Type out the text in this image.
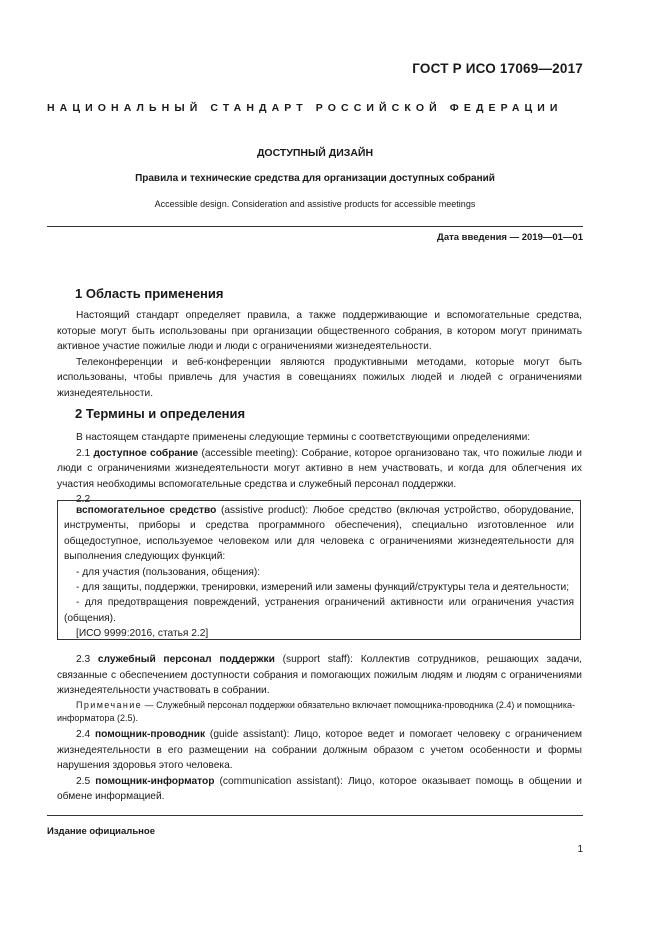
ГОСТ Р ИСО 17069—2017
НАЦИОНАЛЬНЫЙ СТАНДАРТ РОССИЙСКОЙ ФЕДЕРАЦИИ
ДОСТУПНЫЙ ДИЗАЙН
Правила и технические средства для организации доступных собраний
Accessible design. Consideration and assistive products for accessible meetings
Дата введения — 2019—01—01
1 Область применения

Настоящий стандарт определяет правила, а также поддерживающие и вспомогательные средства, которые могут быть использованы при организации общественного собрания, в котором могут принимать активное участие пожилые люди и люди с ограничениями жизнедеятельности.

Телеконференции и веб-конференции являются продуктивными методами, которые могут быть использованы, чтобы привлечь для участия в совещаниях пожилых людей и людей с ограничениями жизнедеятельности.

2 Термины и определения

В настоящем стандарте применены следующие термины с соответствующими определениями:

2.1 доступное собрание (accessible meeting): Собрание, которое организовано так, что пожилые люди и люди с ограничениями жизнедеятельности могут активно в нем участвовать, и когда для облегчения их участия необходимы вспомогательные средства и служебный персонал поддержки.

2.2

вспомогательное средство (assistive product): Любое средство (включая устройство, оборудование, инструменты, приборы и средства программного обеспечения), специально изготовленное или общедоступное, используемое человеком или для человека с ограничениями жизнедеятельности для выполнения следующих функций:

- для участия (пользования, общения):

- для защиты, поддержки, тренировки, измерений или замены функций/структуры тела и деятельности;

- для предотвращения повреждений, устранения ограничений активности или ограничения участия (общения).

[ИСО 9999:2016, статья 2.2]

2.3 служебный персонал поддержки (support staff): Коллектив сотрудников, решающих задачи, связанные с обеспечением доступности собрания и помогающих пожилым людям и людям с ограничениями жизнедеятельности участвовать в собрании.

Примечание — Служебный персонал поддержки обязательно включает помощника-проводника (2.4) и помощника-информатора (2.5).

2.4 помощник-проводник (guide assistant): Лицо, которое ведет и помогает человеку с ограничением жизнедеятельности в его размещении на собрании должным образом с учетом особенности и формы нарушения здоровья этого человека.

2.5 помощник-информатор (communication assistant): Лицо, которое оказывает помощь в общении и обмене информацией.

Издание официальное
1
